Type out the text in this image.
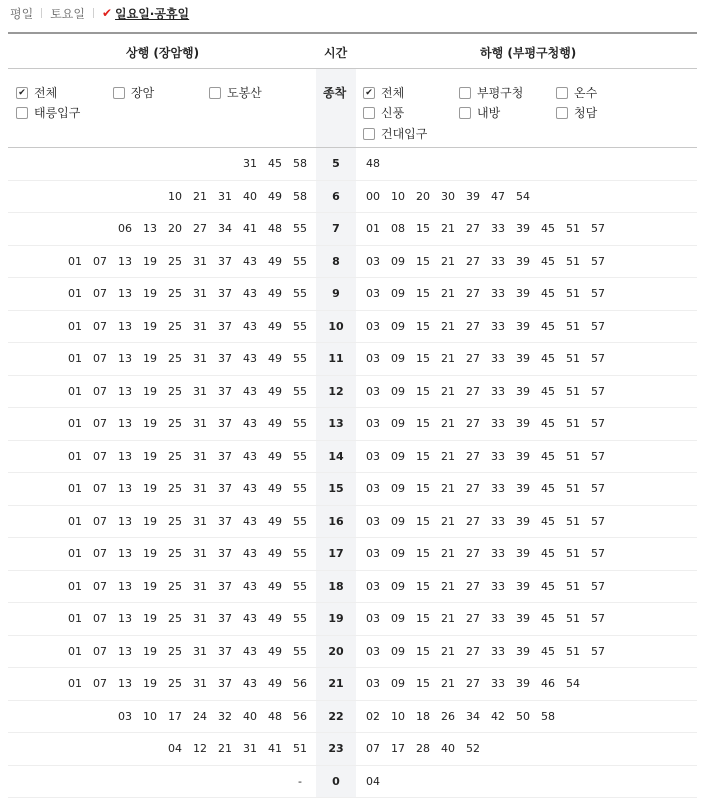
평일 토요일 ✔ 일요일·공휴일
상행 (장암행)	시간	하행 (부평구청행)
✔ 전체	장암	도봉산
태릉입구
종착 ✔ 전체	부평구청	온수
신풍	내방	청담
건대입구
31 45 58	5	48
10 21 31 40 49 58	6	00 10 20 30 39 47 54
06 13 20 27 34 41 48 55	7	01 08 15 21 27 33 39 45 51 57
01 07 13 19 25 31 37 43 49 55	8	03 09 15 21 27 33 39 45 51 57
01 07 13 19 25 31 37 43 49 55	9	03 09 15 21 27 33 39 45 51 57
01 07 13 19 25 31 37 43 49 55	10	03 09 15 21 27 33 39 45 51 57
01 07 13 19 25 31 37 43 49 55	11	03 09 15 21 27 33 39 45 51 57
01 07 13 19 25 31 37 43 49 55	12	03 09 15 21 27 33 39 45 51 57
01 07 13 19 25 31 37 43 49 55	13	03 09 15 21 27 33 39 45 51 57
01 07 13 19 25 31 37 43 49 55	14	03 09 15 21 27 33 39 45 51 57
01 07 13 19 25 31 37 43 49 55	15	03 09 15 21 27 33 39 45 51 57
01 07 13 19 25 31 37 43 49 55	16	03 09 15 21 27 33 39 45 51 57
01 07 13 19 25 31 37 43 49 55	17	03 09 15 21 27 33 39 45 51 57
01 07 13 19 25 31 37 43 49 55	18	03 09 15 21 27 33 39 45 51 57
01 07 13 19 25 31 37 43 49 55	19	03 09 15 21 27 33 39 45 51 57
01 07 13 19 25 31 37 43 49 55	20	03 09 15 21 27 33 39 45 51 57
01 07 13 19 25 31 37 43 49 56	21	03 09 15 21 27 33 39 46 54
03 10 17 24 32 40 48 56	22	02 10 18 26 34 42 50 58
04 12 21 31 41 51	23	07 17 28 40 52
-	0	04
